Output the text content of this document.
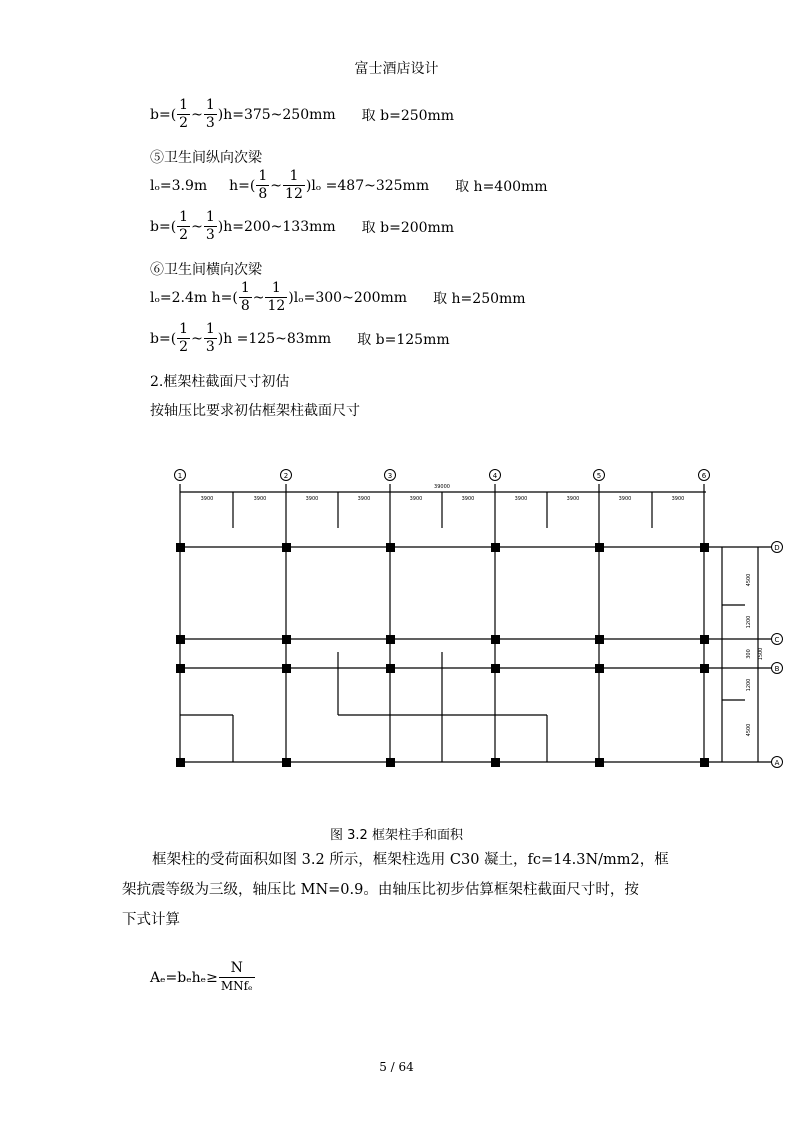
富士酒店设计
$b=( \frac{1}{2}$ ~ $\frac{1}{3}$ )h=375~250mm 取 b=250mm
⑤卫生间纵向次梁
lₒ=3.9m $h=( \frac{1}{8}$ ~ $\frac{1}{12} )l_o$ =487~325mm 取 h=400mm
$b=( \frac{1}{2}$ ~ $\frac{1}{3}$ )h=200~133mm 取 b=200mm
⑥卫生间横向次梁
lₒ=2.4m $h=( \frac{1}{8}$ ~ $\frac{1}{12}$ )lₒ=300~200mm 取 h=250mm
$b=( \frac{1}{2}$ ~ $\frac{1}{3} )h$ =125~83mm 取 b=125mm
2.框架柱截面尺寸初估
按轴压比要求初估框架柱截面尺寸
1	2	3	4	5	6
D
C
B
A
39000
3900	3900	3900	3900	3900	3900	3900	3900	3900	3900
4500
1200
1500
300
1200
4500
图 3.2 框架柱手和面积
框架柱的受荷面积如图 3.2 所示，框架柱选用 C30 凝土，fc=14.3N/mm2，框
架抗震等级为三级，轴压比 MN=0.9。由轴压比初步估算框架柱截面尺寸时，按
下式计算
$A_e=b_eh_e\ge \frac{N}{\text{MNfₑ}}$
5 / 64
